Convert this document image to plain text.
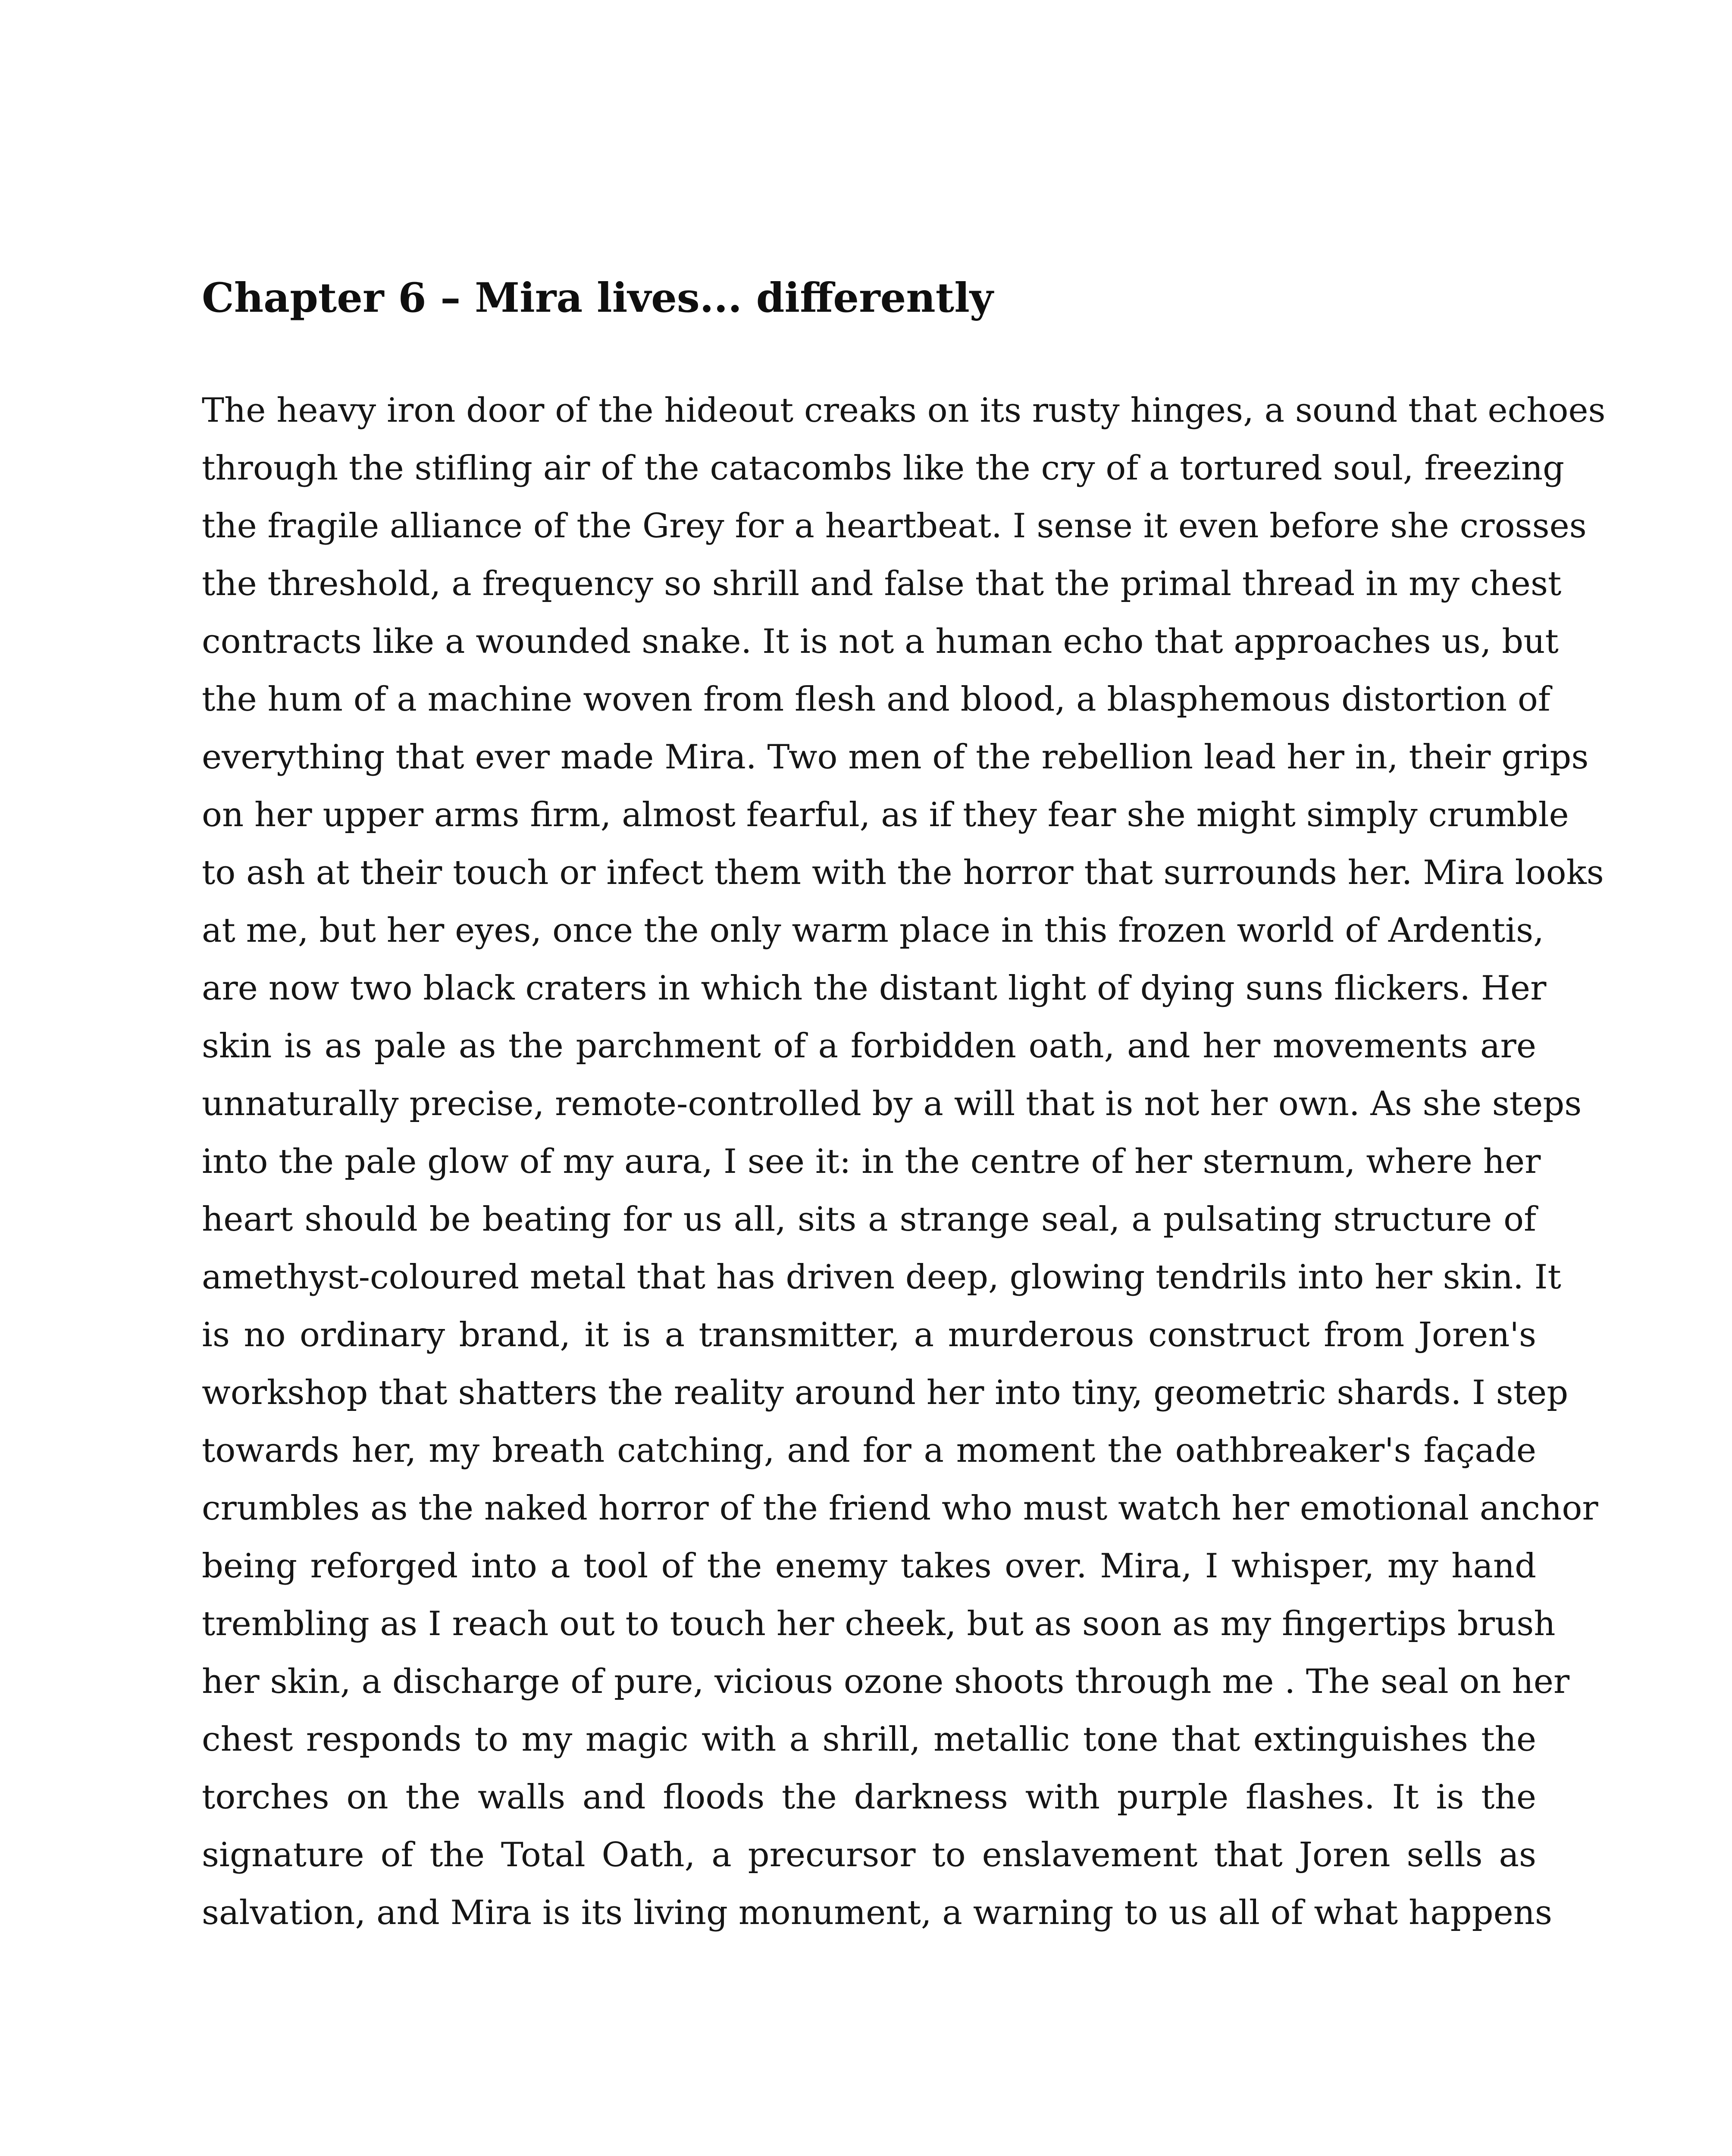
Chapter 6 – Mira lives... differently
The heavy iron door of the hideout creaks on its rusty hinges, a sound that echoes
through the stifling air of the catacombs like the cry of a tortured soul, freezing
the fragile alliance of the Grey for a heartbeat. I sense it even before she crosses
the threshold, a frequency so shrill and false that the primal thread in my chest
contracts like a wounded snake. It is not a human echo that approaches us, but
the hum of a machine woven from flesh and blood, a blasphemous distortion of
everything that ever made Mira. Two men of the rebellion lead her in, their grips
on her upper arms firm, almost fearful, as if they fear she might simply crumble
to ash at their touch or infect them with the horror that surrounds her. Mira looks
at me, but her eyes, once the only warm place in this frozen world of Ardentis,
are now two black craters in which the distant light of dying suns flickers. Her
skin is as pale as the parchment of a forbidden oath, and her movements are
unnaturally precise, remote-controlled by a will that is not her own. As she steps
into the pale glow of my aura, I see it: in the centre of her sternum, where her
heart should be beating for us all, sits a strange seal, a pulsating structure of
amethyst-coloured metal that has driven deep, glowing tendrils into her skin. It
is no ordinary brand, it is a transmitter, a murderous construct from Joren's
workshop that shatters the reality around her into tiny, geometric shards. I step
towards her, my breath catching, and for a moment the oathbreaker's façade
crumbles as the naked horror of the friend who must watch her emotional anchor
being reforged into a tool of the enemy takes over. Mira, I whisper, my hand
trembling as I reach out to touch her cheek, but as soon as my fingertips brush
her skin, a discharge of pure, vicious ozone shoots through me . The seal on her
chest responds to my magic with a shrill, metallic tone that extinguishes the
torches on the walls and floods the darkness with purple flashes. It is the
signature of the Total Oath, a precursor to enslavement that Joren sells as
salvation, and Mira is its living monument, a warning to us all of what happens
